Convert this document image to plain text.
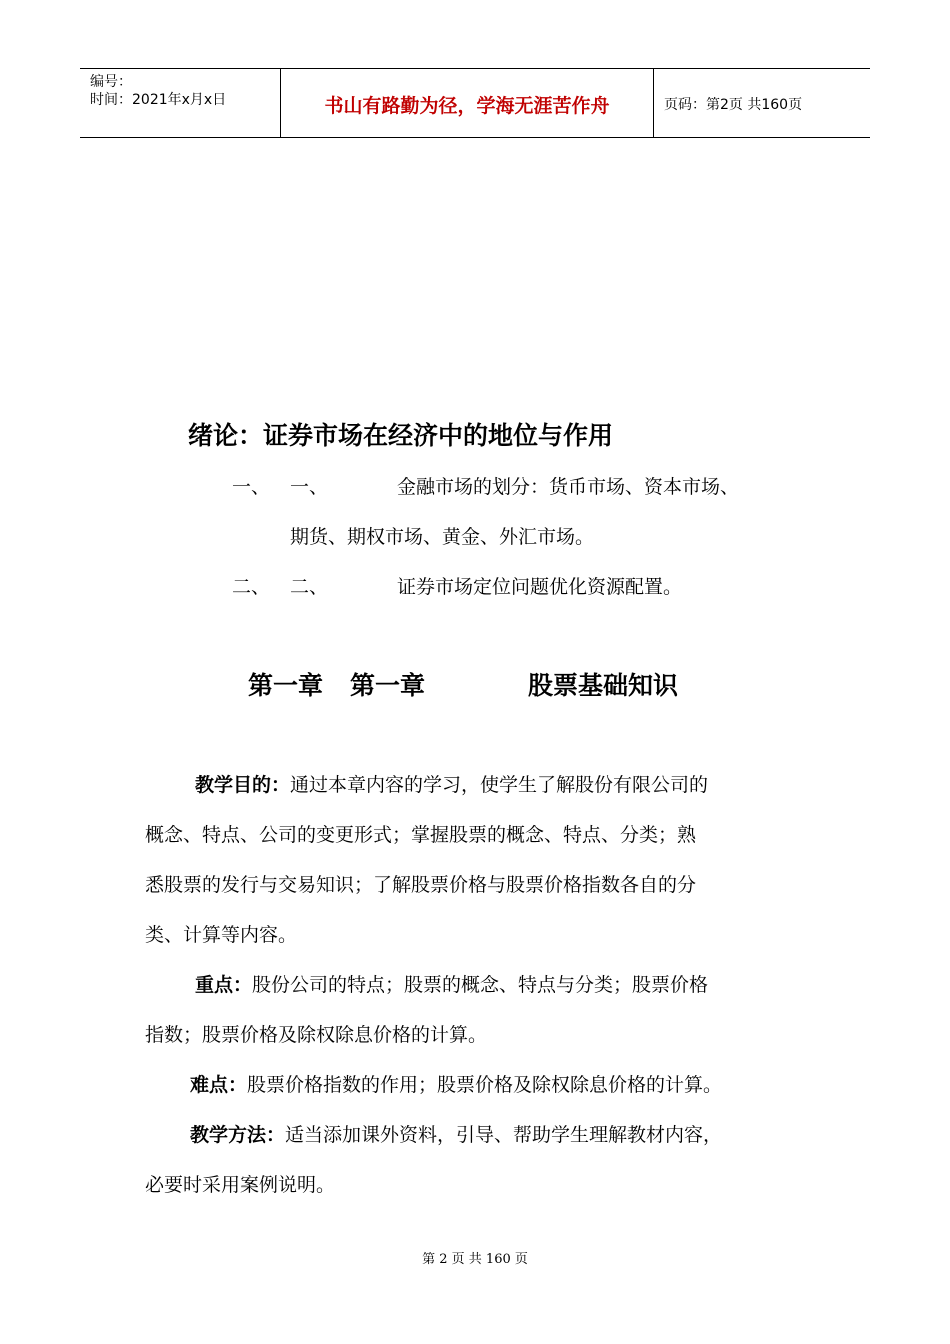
编号：
时间：2021年x月x日	书山有路勤为径，学海无涯苦作舟	页码：第2页 共160页
绪论：证券市场在经济中的地位与作用
一、 一、	金融市场的划分：货币市场、资本市场、
期货、期权市场、黄金、外汇市场。
二、 二、	证券市场定位问题优化资源配置。
第一章 第一章	股票基础知识
教学目的：通过本章内容的学习，使学生了解股份有限公司的
概念、特点、公司的变更形式；掌握股票的概念、特点、分类；熟
悉股票的发行与交易知识；了解股票价格与股票价格指数各自的分
类、计算等内容。
重点：股份公司的特点；股票的概念、特点与分类；股票价格
指数；股票价格及除权除息价格的计算。
难点：股票价格指数的作用；股票价格及除权除息价格的计算。
教学方法：适当添加课外资料，引导、帮助学生理解教材内容，
必要时采用案例说明。
第 2 页 共 160 页
